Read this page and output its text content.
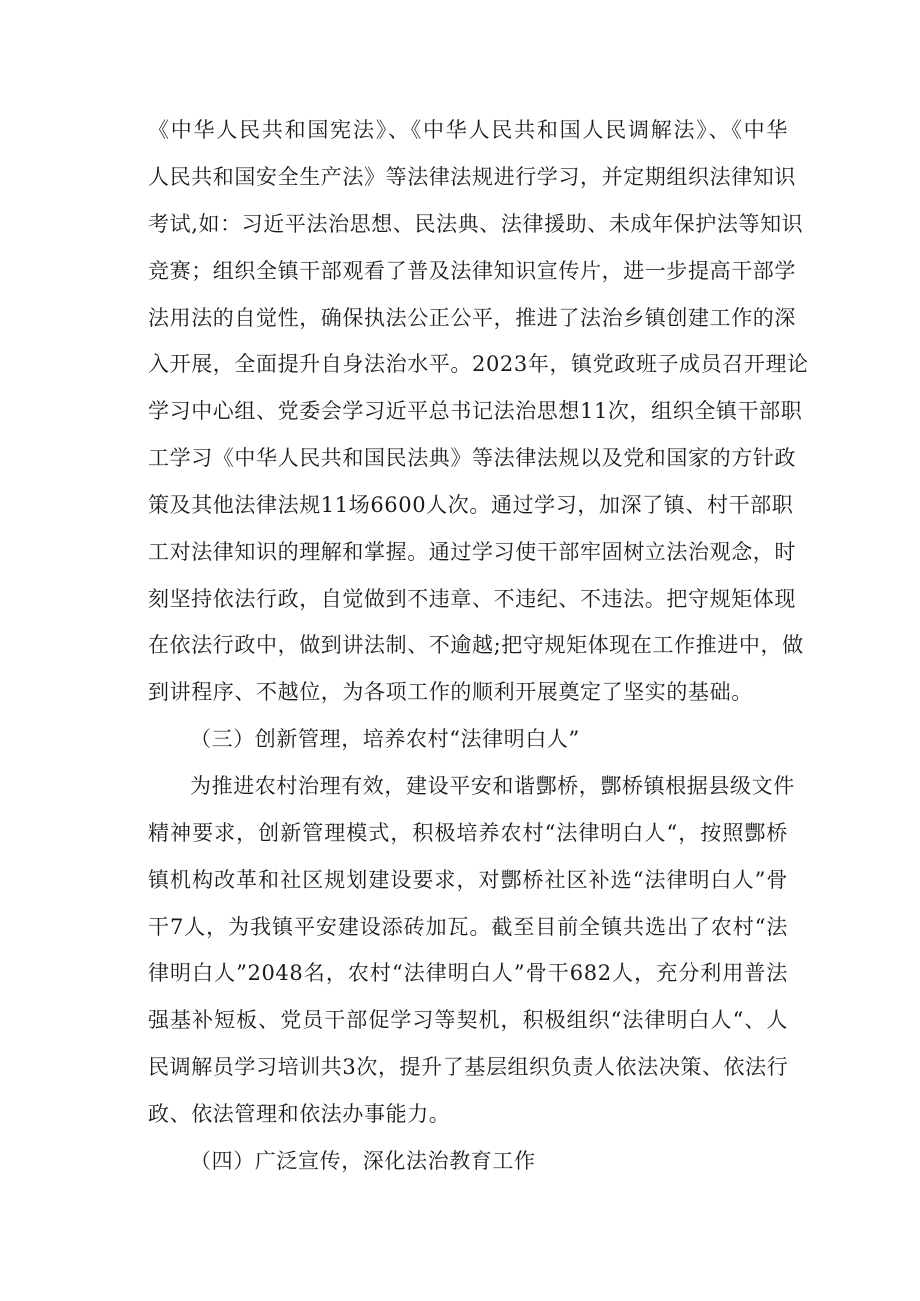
《中华人民共和国宪法》、《中华人民共和国人民调解法》、《中华
人民共和国安全生产法》等法律法规进行学习，并定期组织法律知识
考试,如：习近平法治思想、民法典、法律援助、未成年保护法等知识
竞赛；组织全镇干部观看了普及法律知识宣传片，进一步提高干部学
法用法的自觉性，确保执法公正公平，推进了法治乡镇创建工作的深
入开展，全面提升自身法治水平。2023年，镇党政班子成员召开理论
学习中心组、党委会学习近平总书记法治思想11次，组织全镇干部职
工学习《中华人民共和国民法典》等法律法规以及党和国家的方针政
策及其他法律法规11场6600人次。通过学习，加深了镇、村干部职
工对法律知识的理解和掌握。通过学习使干部牢固树立法治观念，时
刻坚持依法行政，自觉做到不违章、不违纪、不违法。把守规矩体现
在依法行政中，做到讲法制、不逾越;把守规矩体现在工作推进中，做
到讲程序、不越位，为各项工作的顺利开展奠定了坚实的基础。
（三）创新管理，培养农村“法律明白人”
为推进农村治理有效，建设平安和谐酆桥，酆桥镇根据县级文件
精神要求，创新管理模式，积极培养农村“法律明白人“，按照酆桥
镇机构改革和社区规划建设要求，对酆桥社区补选“法律明白人”骨
干7人，为我镇平安建设添砖加瓦。截至目前全镇共选出了农村“法
律明白人”2048名，农村“法律明白人”骨干682人，充分利用普法
强基补短板、党员干部促学习等契机，积极组织“法律明白人“、人
民调解员学习培训共3次，提升了基层组织负责人依法决策、依法行
政、依法管理和依法办事能力。
（四）广泛宣传，深化法治教育工作
